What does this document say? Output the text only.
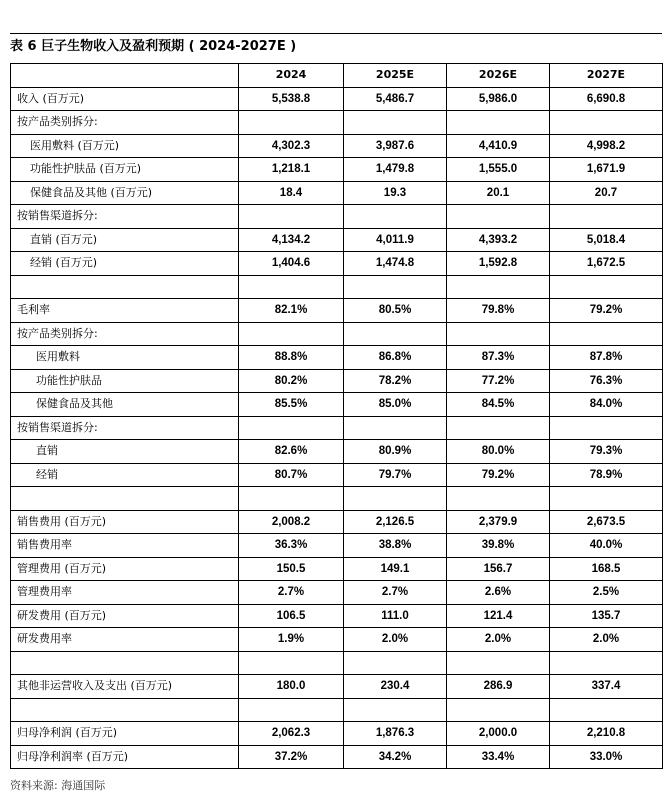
表 6 巨子生物收入及盈利预期 ( 2024-2027E )
	2024	2025E	2026E	2027E
收入 (百万元)	5,538.8	5,486.7	5,986.0	6,690.8
按产品类别拆分:				
医用敷料 (百万元)	4,302.3	3,987.6	4,410.9	4,998.2
功能性护肤品 (百万元)	1,218.1	1,479.8	1,555.0	1,671.9
保健食品及其他 (百万元)	18.4	19.3	20.1	20.7
按销售渠道拆分:				
直销 (百万元)	4,134.2	4,011.9	4,393.2	5,018.4
经销 (百万元)	1,404.6	1,474.8	1,592.8	1,672.5

毛利率	82.1%	80.5%	79.8%	79.2%
按产品类别拆分:				
医用敷料	88.8%	86.8%	87.3%	87.8%
功能性护肤品	80.2%	78.2%	77.2%	76.3%
保健食品及其他	85.5%	85.0%	84.5%	84.0%
按销售渠道拆分:				
直销	82.6%	80.9%	80.0%	79.3%
经销	80.7%	79.7%	79.2%	78.9%

销售费用 (百万元)	2,008.2	2,126.5	2,379.9	2,673.5
销售费用率	36.3%	38.8%	39.8%	40.0%
管理费用 (百万元)	150.5	149.1	156.7	168.5
管理费用率	2.7%	2.7%	2.6%	2.5%
研发费用 (百万元)	106.5	111.0	121.4	135.7
研发费用率	1.9%	2.0%	2.0%	2.0%

其他非运营收入及支出 (百万元)	180.0	230.4	286.9	337.4

归母净利润 (百万元)	2,062.3	1,876.3	2,000.0	2,210.8
归母净利润率 (百万元)	37.2%	34.2%	33.4%	33.0%
资料来源: 海通国际
